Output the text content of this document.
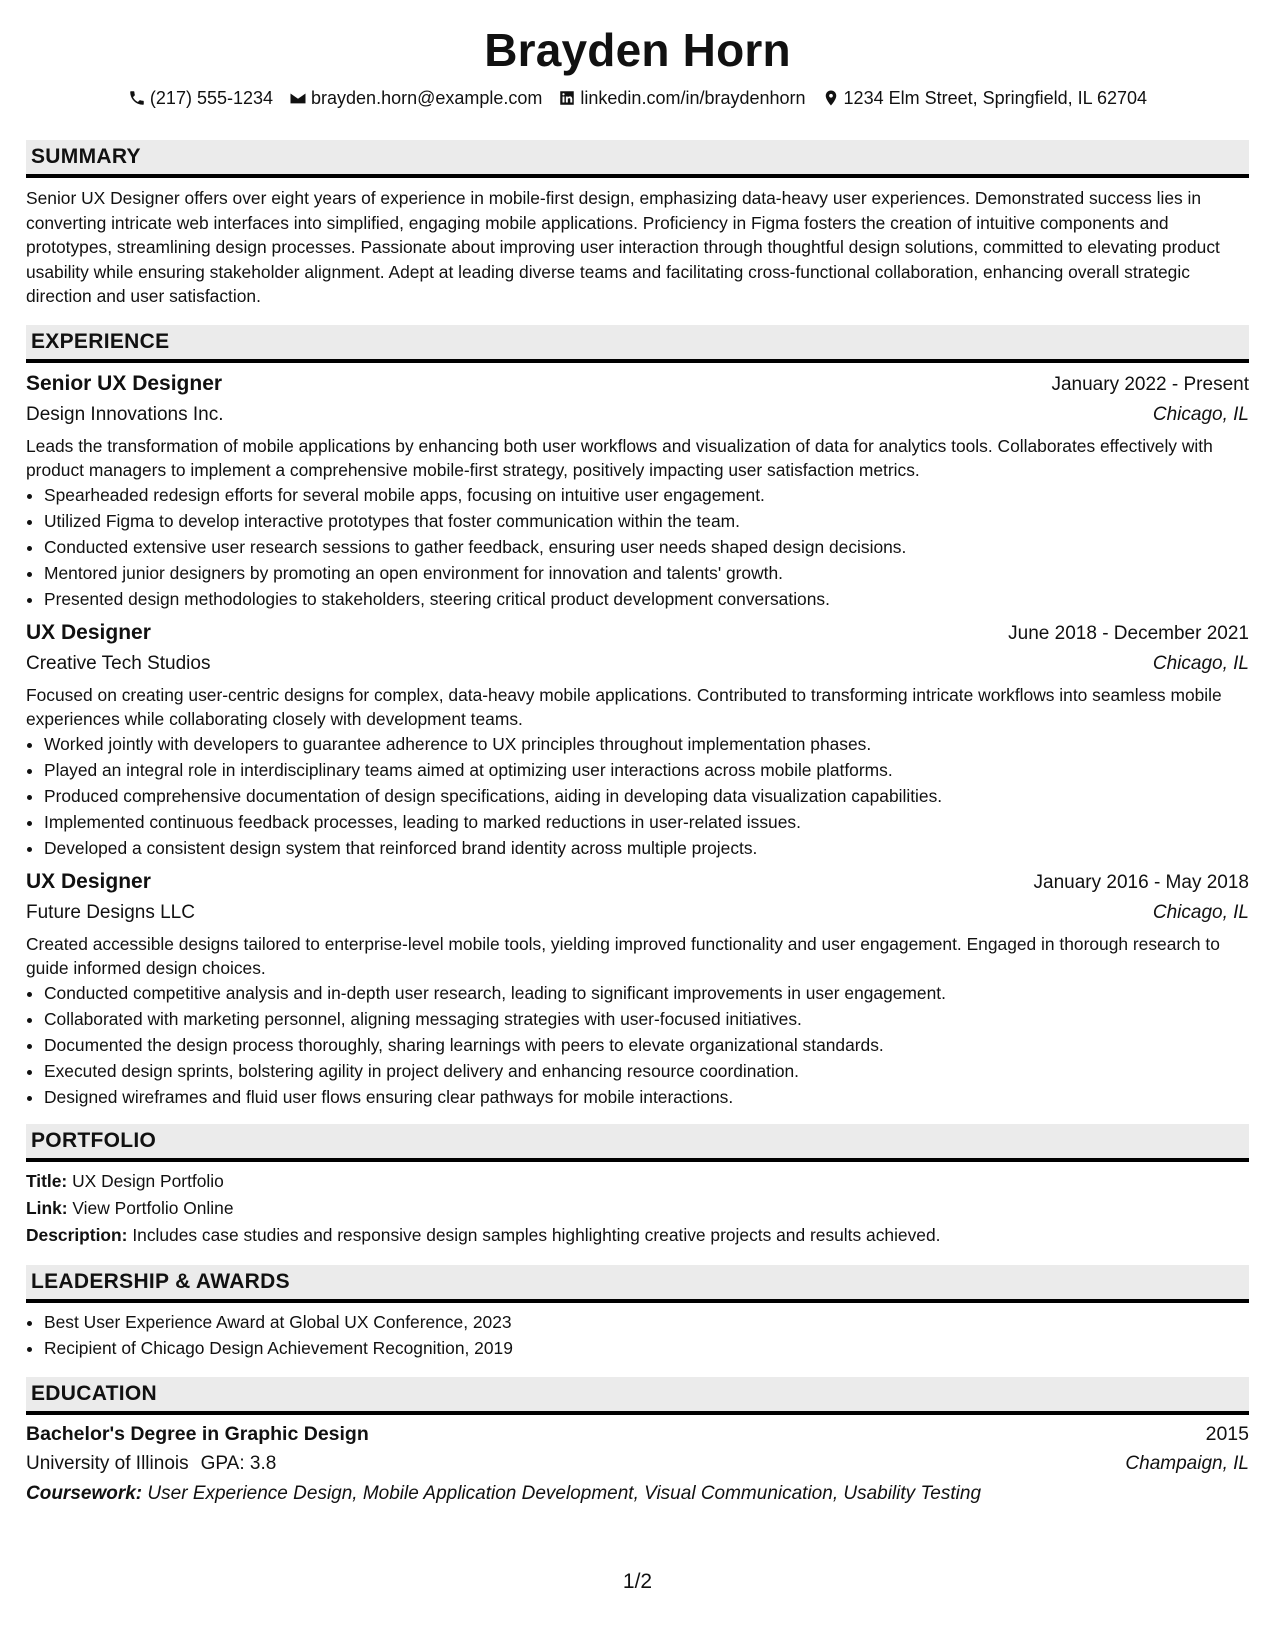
Brayden Horn
(217) 555-1234 brayden.horn@example.com linkedin.com/in/braydenhorn 1234 Elm Street, Springfield, IL 62704
SUMMARY
Senior UX Designer offers over eight years of experience in mobile-first design, emphasizing data-heavy user experiences. Demonstrated success lies in converting intricate web interfaces into simplified, engaging mobile applications. Proficiency in Figma fosters the creation of intuitive components and prototypes, streamlining design processes. Passionate about improving user interaction through thoughtful design solutions, committed to elevating product usability while ensuring stakeholder alignment. Adept at leading diverse teams and facilitating cross-functional collaboration, enhancing overall strategic direction and user satisfaction.
EXPERIENCE
Senior UX Designer	January 2022 - Present
Design Innovations Inc.	Chicago, IL
Leads the transformation of mobile applications by enhancing both user workflows and visualization of data for analytics tools. Collaborates effectively with product managers to implement a comprehensive mobile-first strategy, positively impacting user satisfaction metrics.
• Spearheaded redesign efforts for several mobile apps, focusing on intuitive user engagement.
• Utilized Figma to develop interactive prototypes that foster communication within the team.
• Conducted extensive user research sessions to gather feedback, ensuring user needs shaped design decisions.
• Mentored junior designers by promoting an open environment for innovation and talents' growth.
• Presented design methodologies to stakeholders, steering critical product development conversations.
UX Designer	June 2018 - December 2021
Creative Tech Studios	Chicago, IL
Focused on creating user-centric designs for complex, data-heavy mobile applications. Contributed to transforming intricate workflows into seamless mobile experiences while collaborating closely with development teams.
• Worked jointly with developers to guarantee adherence to UX principles throughout implementation phases.
• Played an integral role in interdisciplinary teams aimed at optimizing user interactions across mobile platforms.
• Produced comprehensive documentation of design specifications, aiding in developing data visualization capabilities.
• Implemented continuous feedback processes, leading to marked reductions in user-related issues.
• Developed a consistent design system that reinforced brand identity across multiple projects.
UX Designer	January 2016 - May 2018
Future Designs LLC	Chicago, IL
Created accessible designs tailored to enterprise-level mobile tools, yielding improved functionality and user engagement. Engaged in thorough research to guide informed design choices.
• Conducted competitive analysis and in-depth user research, leading to significant improvements in user engagement.
• Collaborated with marketing personnel, aligning messaging strategies with user-focused initiatives.
• Documented the design process thoroughly, sharing learnings with peers to elevate organizational standards.
• Executed design sprints, bolstering agility in project delivery and enhancing resource coordination.
• Designed wireframes and fluid user flows ensuring clear pathways for mobile interactions.
PORTFOLIO
Title: UX Design Portfolio
Link: View Portfolio Online
Description: Includes case studies and responsive design samples highlighting creative projects and results achieved.
LEADERSHIP & AWARDS
• Best User Experience Award at Global UX Conference, 2023
• Recipient of Chicago Design Achievement Recognition, 2019
EDUCATION
Bachelor's Degree in Graphic Design	2015
University of Illinois GPA: 3.8	Champaign, IL
Coursework: User Experience Design, Mobile Application Development, Visual Communication, Usability Testing
1/2
